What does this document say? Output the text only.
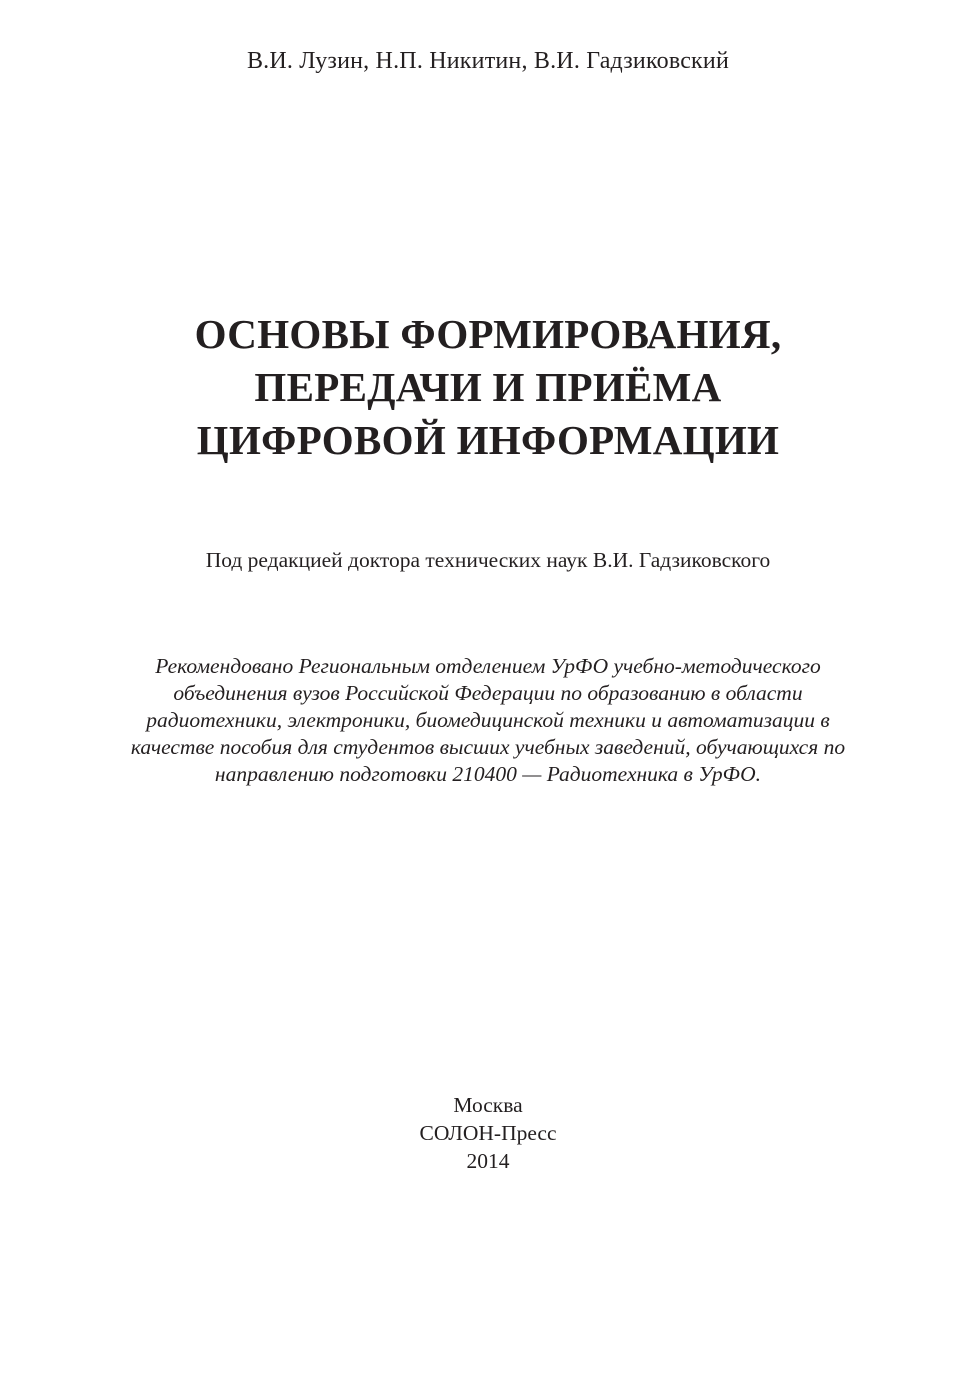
В.И. Лузин, Н.П. Никитин, В.И. Гадзиковский
ОСНОВЫ ФОРМИРОВАНИЯ,
ПЕРЕДАЧИ И ПРИЁМА
ЦИФРОВОЙ ИНФОРМАЦИИ
Под редакцией доктора технических наук В.И. Гадзиковского
Рекомендовано Региональным отделением УрФО учебно-методического
объединения вузов Российской Федерации по образованию в области
радиотехники, электроники, биомедицинской техники и автоматизации в
качестве пособия для студентов высших учебных заведений, обучающихся по
направлению подготовки 210400 — Радиотехника в УрФО.
Москва
СОЛОН-Пресс
2014
